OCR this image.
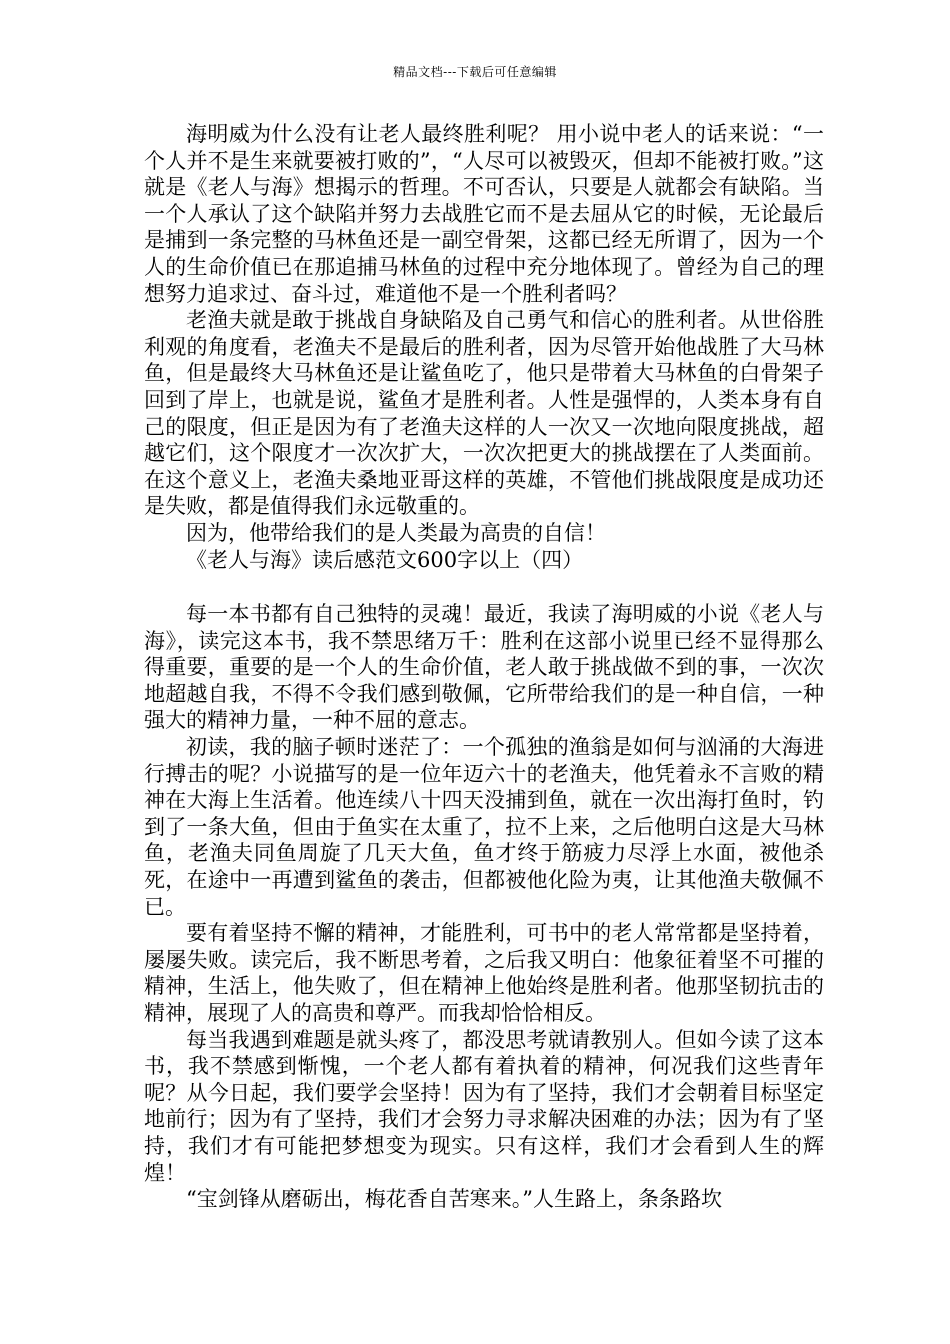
精品文档---下载后可任意编辑

海明威为什么没有让老人最终胜利呢？ 用小说中老人的话来说：“一个人并不是生来就要被打败的”，“人尽可以被毁灭，但却不能被打败。”这就是《老人与海》想揭示的哲理。不可否认，只要是人就都会有缺陷。当一个人承认了这个缺陷并努力去战胜它而不是去屈从它的时候，无论最后是捕到一条完整的马林鱼还是一副空骨架，这都已经无所谓了，因为一个人的生命价值已在那追捕马林鱼的过程中充分地体现了。曾经为自己的理想努力追求过、奋斗过，难道他不是一个胜利者吗？

老渔夫就是敢于挑战自身缺陷及自己勇气和信心的胜利者。从世俗胜利观的角度看，老渔夫不是最后的胜利者，因为尽管开始他战胜了大马林鱼，但是最终大马林鱼还是让鲨鱼吃了，他只是带着大马林鱼的白骨架子回到了岸上，也就是说，鲨鱼才是胜利者。人性是强悍的，人类本身有自己的限度，但正是因为有了老渔夫这样的人一次又一次地向限度挑战，超越它们，这个限度才一次次扩大，一次次把更大的挑战摆在了人类面前。在这个意义上，老渔夫桑地亚哥这样的英雄，不管他们挑战限度是成功还是失败，都是值得我们永远敬重的。

因为，他带给我们的是人类最为高贵的自信！

《老人与海》读后感范文600字以上（四）

每一本书都有自己独特的灵魂！最近，我读了海明威的小说《老人与海》，读完这本书，我不禁思绪万千：胜利在这部小说里已经不显得那么得重要，重要的是一个人的生命价值，老人敢于挑战做不到的事，一次次地超越自我，不得不令我们感到敬佩，它所带给我们的是一种自信，一种强大的精神力量，一种不屈的意志。

初读，我的脑子顿时迷茫了：一个孤独的渔翁是如何与汹涌的大海进行搏击的呢？小说描写的是一位年迈六十的老渔夫，他凭着永不言败的精神在大海上生活着。他连续八十四天没捕到鱼，就在一次出海打鱼时，钓到了一条大鱼，但由于鱼实在太重了，拉不上来，之后他明白这是大马林鱼，老渔夫同鱼周旋了几天大鱼，鱼才终于筋疲力尽浮上水面，被他杀死，在途中一再遭到鲨鱼的袭击，但都被他化险为夷，让其他渔夫敬佩不已。

要有着坚持不懈的精神，才能胜利，可书中的老人常常都是坚持着，屡屡失败。读完后，我不断思考着，之后我又明白：他象征着坚不可摧的精神，生活上，他失败了，但在精神上他始终是胜利者。他那坚韧抗击的精神，展现了人的高贵和尊严。而我却恰恰相反。

每当我遇到难题是就头疼了，都没思考就请教别人。但如今读了这本书，我不禁感到惭愧，一个老人都有着执着的精神，何况我们这些青年呢？从今日起，我们要学会坚持！因为有了坚持，我们才会朝着目标坚定地前行；因为有了坚持，我们才会努力寻求解决困难的办法；因为有了坚持，我们才有可能把梦想变为现实。只有这样，我们才会看到人生的辉煌！

“宝剑锋从磨砺出，梅花香自苦寒来。”人生路上，条条路坎
